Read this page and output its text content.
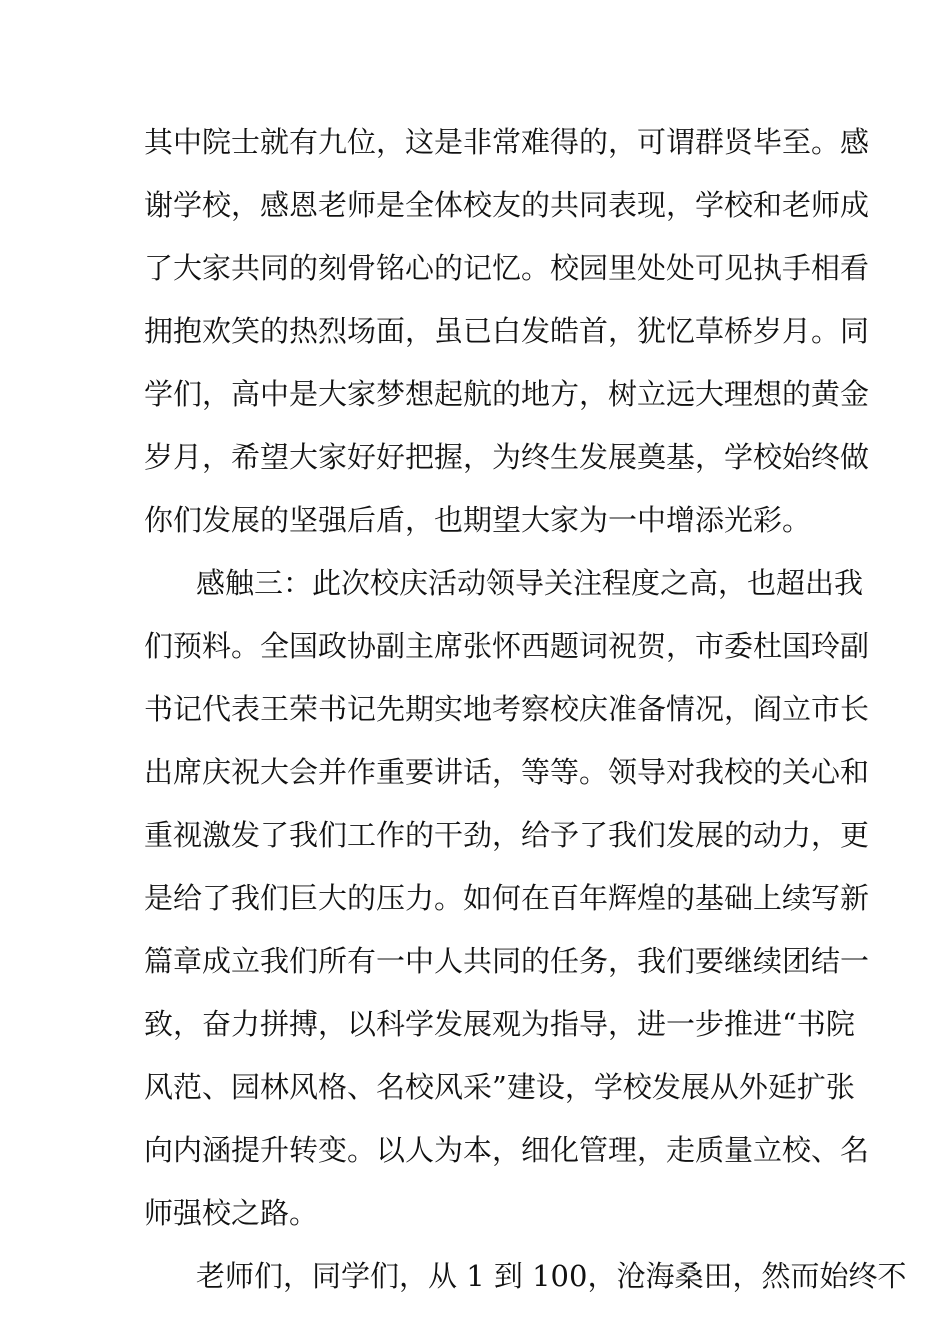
其中院士就有九位，这是非常难得的，可谓群贤毕至。感
谢学校，感恩老师是全体校友的共同表现，学校和老师成
了大家共同的刻骨铭心的记忆。校园里处处可见执手相看
拥抱欢笑的热烈场面，虽已白发皓首，犹忆草桥岁月。同
学们，高中是大家梦想起航的地方，树立远大理想的黄金
岁月，希望大家好好把握，为终生发展奠基，学校始终做
你们发展的坚强后盾，也期望大家为一中增添光彩。
感触三：此次校庆活动领导关注程度之高，也超出我
们预料。全国政协副主席张怀西题词祝贺，市委杜国玲副
书记代表王荣书记先期实地考察校庆准备情况，阎立市长
出席庆祝大会并作重要讲话，等等。领导对我校的关心和
重视激发了我们工作的干劲，给予了我们发展的动力，更
是给了我们巨大的压力。如何在百年辉煌的基础上续写新
篇章成立我们所有一中人共同的任务，我们要继续团结一
致，奋力拼搏，以科学发展观为指导，进一步推进“书院
风范、园林风格、名校风采”建设，学校发展从外延扩张
向内涵提升转变。以人为本，细化管理，走质量立校、名
师强校之路。
老师们，同学们，从 1 到 100，沧海桑田，然而始终不
